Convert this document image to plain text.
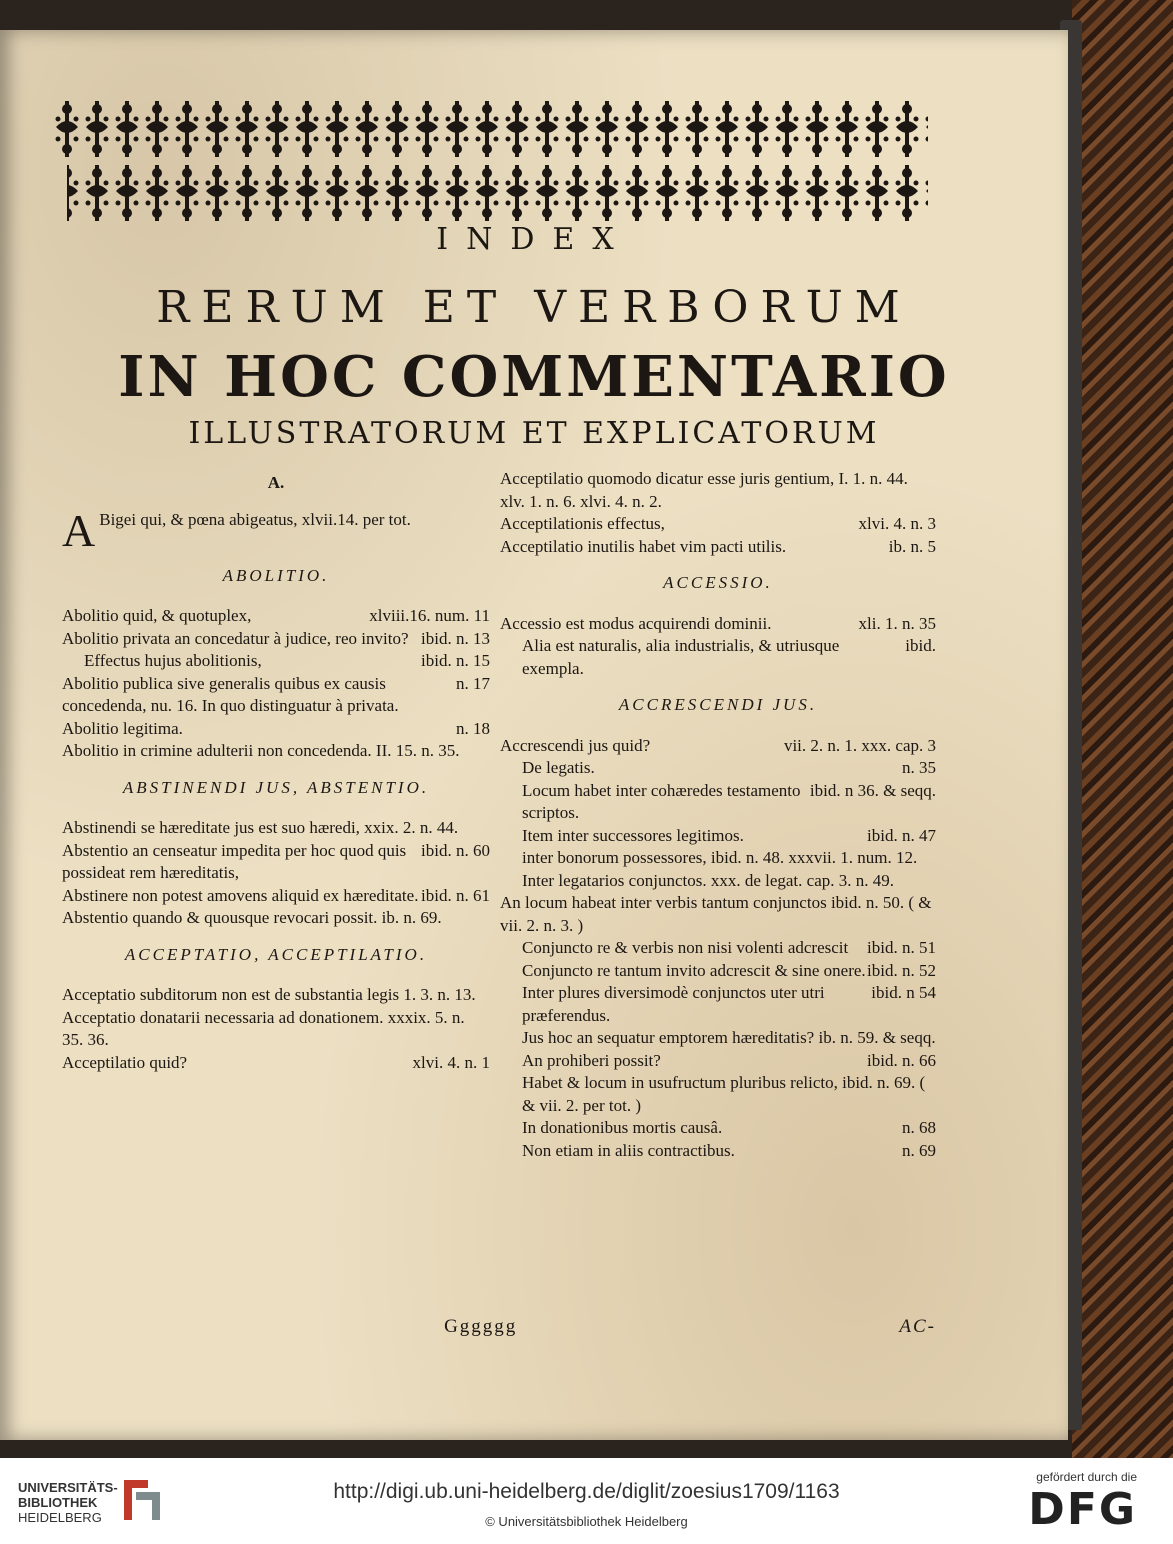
INDEX
RERUM ET VERBORUM
IN HOC COMMENTARIO
ILLUSTRATORUM ET EXPLICATORUM
A.
A Bigei qui, & pœna abigeatus, xlvii.14. per tot.
ABOLITIO.
xlviii.16. num. 11
Abolitio quid, & quotuplex,
ibid. n. 13
Abolitio privata an concedatur à judice, reo invito?
ibid. n. 15
Effectus hujus abolitionis,
n. 17
Abolitio publica sive generalis quibus ex causis concedenda, nu. 16. In quo distinguatur à privata.
n. 18
Abolitio legitima.
Abolitio in crimine adulterii non concedenda. II. 15. n. 35.
ABSTINENDI JUS, ABSTENTIO.
Abstinendi se hæreditate jus est suo hæredi, xxix. 2. n. 44.
ibid. n. 60
Abstentio an censeatur impedita per hoc quod quis possideat rem hæreditatis,
ibid. n. 61
Abstinere non potest amovens aliquid ex hæreditate.
Abstentio quando & quousque revocari possit. ib. n. 69.
ACCEPTATIO, ACCEPTILATIO.
Acceptatio subditorum non est de substantia legis 1. 3. n. 13.
Acceptatio donatarii necessaria ad donationem. xxxix. 5. n. 35. 36.
xlvi. 4. n. 1
Acceptilatio quid?
Acceptilatio quomodo dicatur esse juris gentium, I. 1. n. 44. xlv. 1. n. 6. xlvi. 4. n. 2.
xlvi. 4. n. 3
Acceptilationis effectus,
ib. n. 5
Acceptilatio inutilis habet vim pacti utilis.
ACCESSIO.
xli. 1. n. 35
Accessio est modus acquirendi dominii.
ibid.
Alia est naturalis, alia industrialis, & utriusque exempla.
ACCRESCENDI JUS.
vii. 2. n. 1. xxx. cap. 3
Accrescendi jus quid?
n. 35
De legatis.
ibid. n 36. & seqq.
Locum habet inter cohæredes testamento scriptos.
ibid. n. 47
Item inter successores legitimos.
inter bonorum possessores, ibid. n. 48. xxxvii. 1. num. 12.
Inter legatarios conjunctos. xxx. de legat. cap. 3. n. 49.
An locum habeat inter verbis tantum conjunctos ibid. n. 50. ( & vii. 2. n. 3. )
ibid. n. 51
Conjuncto re & verbis non nisi volenti adcrescit
ibid. n. 52
Conjuncto re tantum invito adcrescit & sine onere.
ibid. n 54
Inter plures diversimodè conjunctos uter utri præferendus.
Jus hoc an sequatur emptorem hæreditatis? ib. n. 59. & seqq.
ibid. n. 66
An prohiberi possit?
Habet & locum in usufructum pluribus relicto, ibid. n. 69. ( & vii. 2. per tot. )
n. 68
In donationibus mortis causâ.
n. 69
Non etiam in aliis contractibus.
Gggggg	AC-
UNIVERSITÄTS-
BIBLIOTHEK
HEIDELBERG
http://digi.ub.uni-heidelberg.de/diglit/zoesius1709/1163
© Universitätsbibliothek Heidelberg
gefördert durch die
DFG
